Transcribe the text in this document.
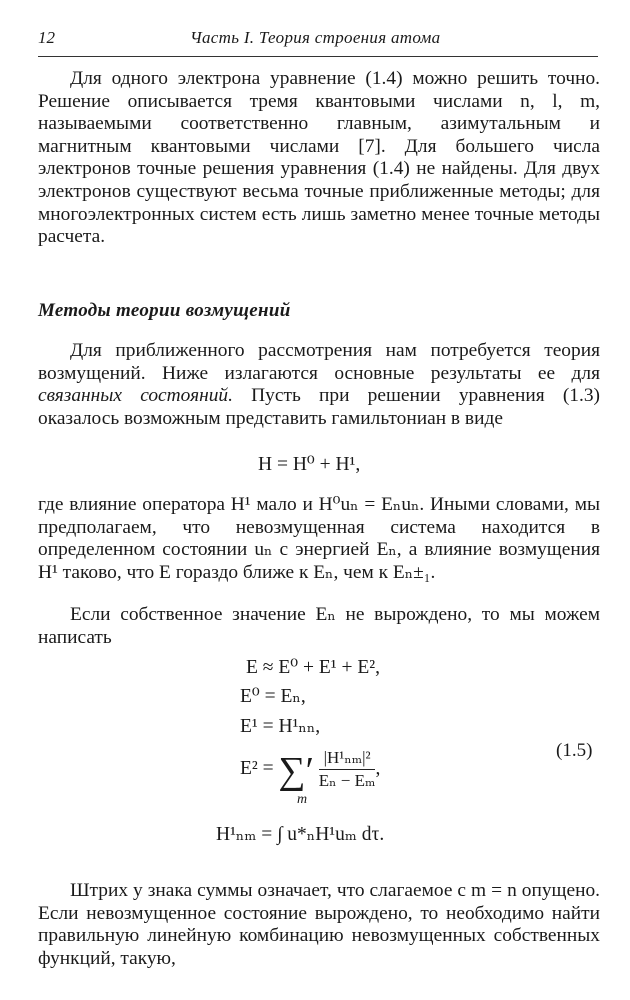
12	Часть I. Теория строения атома

Для одного электрона уравнение (1.4) можно решить точно. Решение описывается тремя квантовыми числами n, l, m, называемыми соответственно главным, азимутальным и магнитным квантовыми числами [7]. Для большего числа электронов точные решения уравнения (1.4) не найдены. Для двух электронов существуют весьма точные приближенные методы; для многоэлектронных систем есть лишь заметно менее точные методы расчета.

Методы теории возмущений

Для приближенного рассмотрения нам потребуется теория возмущений. Ниже излагаются основные результаты ее для связанных состояний. Пусть при решении уравнения (1.3) оказалось возможным представить гамильтониан в виде

H = H⁰ + H¹,

где влияние оператора H¹ мало и H⁰uₙ = Eₙuₙ. Иными словами, мы предполагаем, что невозмущенная система находится в определенном состоянии uₙ с энергией Eₙ, а влияние возмущения H¹ таково, что E гораздо ближе к Eₙ, чем к Eₙ±₁.

Если собственное значение Eₙ не вырождено, то мы можем написать

E ≈ E⁰ + E¹ + E²,
E⁰ = Eₙ,
E¹ = H¹ₙₙ,
E² = ∑′ $\frac{\text{|H¹ₙₘ|²}}{\text{Eₙ − Eₘ}}$ ,
m
(1.5)
H¹ₙₘ = ∫ u*ₙH¹uₘ dτ.

Штрих у знака суммы означает, что слагаемое с m = n опущено. Если невозмущенное состояние вырождено, то необходимо найти правильную линейную комбинацию невозмущенных собственных функций, такую,
